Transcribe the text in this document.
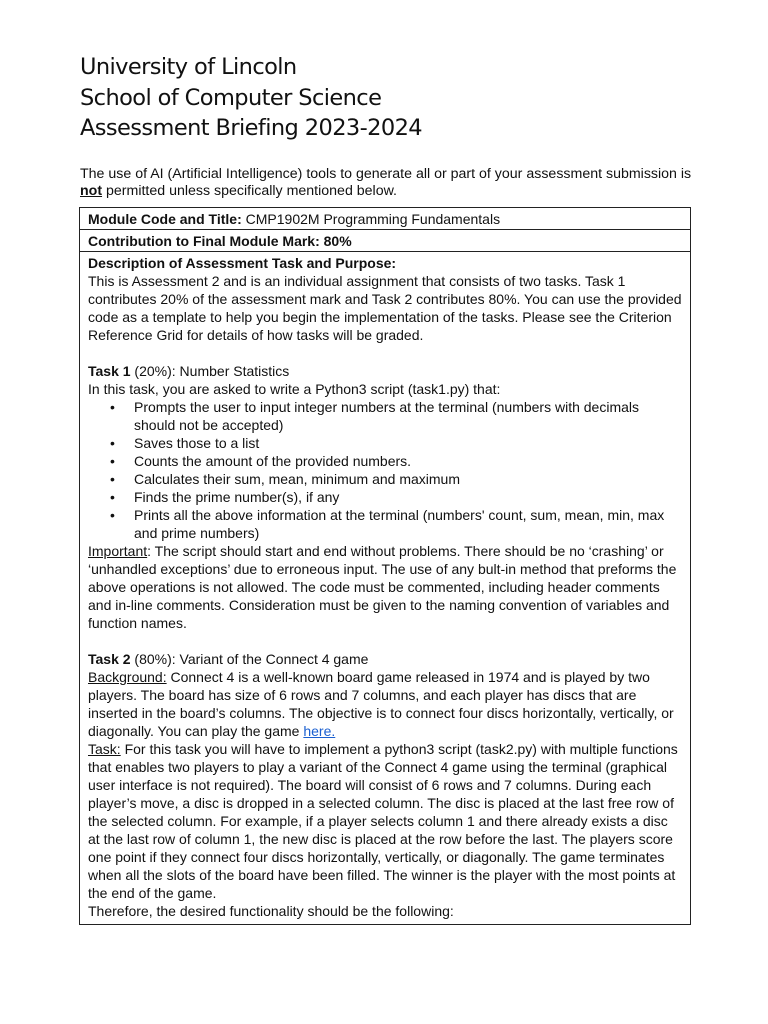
University of Lincoln
School of Computer Science
Assessment Briefing 2023-2024
The use of AI (Artificial Intelligence) tools to generate all or part of your assessment submission is not permitted unless specifically mentioned below.
Module Code and Title: CMP1902M Programming Fundamentals
Contribution to Final Module Mark: 80%

Description of Assessment Task and Purpose:

This is Assessment 2 and is an individual assignment that consists of two tasks. Task 1 contributes 20% of the assessment mark and Task 2 contributes 80%. You can use the provided code as a template to help you begin the implementation of the tasks. Please see the Criterion Reference Grid for details of how tasks will be graded.

Task 1 (20%): Number Statistics

In this task, you are asked to write a Python3 script (task1.py) that:

• Prompts the user to input integer numbers at the terminal (numbers with decimals should not be accepted)
• Saves those to a list
• Counts the amount of the provided numbers.
• Calculates their sum, mean, minimum and maximum
• Finds the prime number(s), if any
• Prints all the above information at the terminal (numbers' count, sum, mean, min, max and prime numbers)

Important: The script should start and end without problems. There should be no ‘crashing’ or ‘unhandled exceptions’ due to erroneous input. The use of any bult-in method that preforms the above operations is not allowed. The code must be commented, including header comments and in-line comments. Consideration must be given to the naming convention of variables and function names.

Task 2 (80%): Variant of the Connect 4 game

Background: Connect 4 is a well-known board game released in 1974 and is played by two players. The board has size of 6 rows and 7 columns, and each player has discs that are inserted in the board’s columns. The objective is to connect four discs horizontally, vertically, or diagonally. You can play the game here.

Task: For this task you will have to implement a python3 script (task2.py) with multiple functions that enables two players to play a variant of the Connect 4 game using the terminal (graphical user interface is not required). The board will consist of 6 rows and 7 columns. During each player’s move, a disc is dropped in a selected column. The disc is placed at the last free row of the selected column. For example, if a player selects column 1 and there already exists a disc at the last row of column 1, the new disc is placed at the row before the last. The players score one point if they connect four discs horizontally, vertically, or diagonally. The game terminates when all the slots of the board have been filled. The winner is the player with the most points at the end of the game.

Therefore, the desired functionality should be the following:
